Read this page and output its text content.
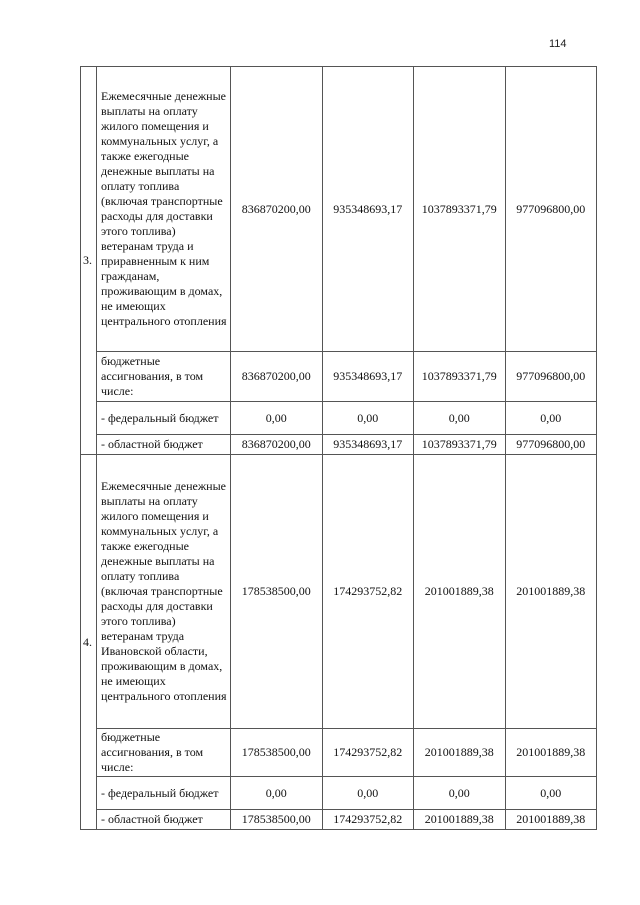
114
3.	Ежемесячные денежные выплаты на оплату жилого помещения и коммунальных услуг, а также ежегодные денежные выплаты на оплату топлива (включая транспортные расходы для доставки этого топлива) ветеранам труда и приравненным к ним гражданам, проживающим в домах, не имеющих центрального отопления	836870200,00	935348693,17	1037893371,79	977096800,00
	бюджетные ассигнования, в том числе:	836870200,00	935348693,17	1037893371,79	977096800,00
	- федеральный бюджет	0,00	0,00	0,00	0,00
	- областной бюджет	836870200,00	935348693,17	1037893371,79	977096800,00
4.	Ежемесячные денежные выплаты на оплату жилого помещения и коммунальных услуг, а также ежегодные денежные выплаты на оплату топлива (включая транспортные расходы для доставки этого топлива) ветеранам труда Ивановской области, проживающим в домах, не имеющих центрального отопления	178538500,00	174293752,82	201001889,38	201001889,38
	бюджетные ассигнования, в том числе:	178538500,00	174293752,82	201001889,38	201001889,38
	- федеральный бюджет	0,00	0,00	0,00	0,00
	- областной бюджет	178538500,00	174293752,82	201001889,38	201001889,38
